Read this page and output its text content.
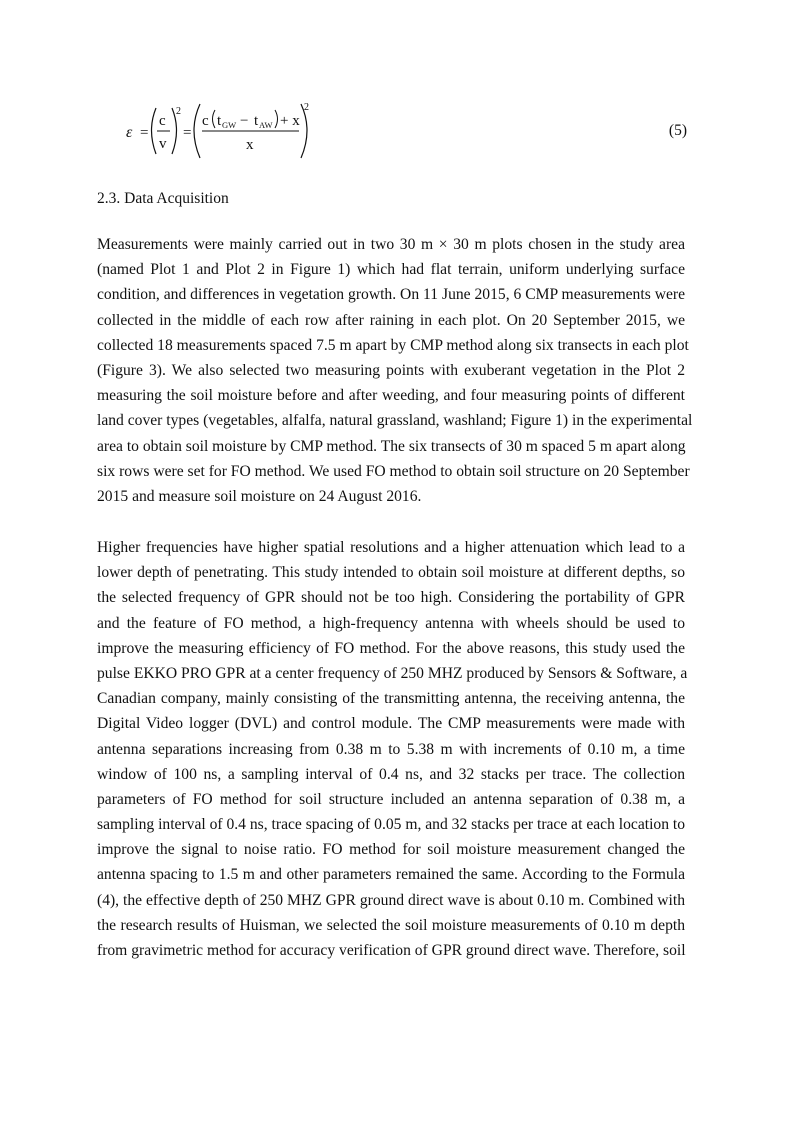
ε =
c
v
2
=
c t GW − t AW + x
x
2
(5)
2.3. Data Acquisition
Measurements were mainly carried out in two 30 m × 30 m plots chosen in the study area
(named Plot 1 and Plot 2 in Figure 1) which had flat terrain, uniform underlying surface
condition, and differences in vegetation growth. On 11 June 2015, 6 CMP measurements were
collected in the middle of each row after raining in each plot. On 20 September 2015, we
collected 18 measurements spaced 7.5 m apart by CMP method along six transects in each plot
(Figure 3). We also selected two measuring points with exuberant vegetation in the Plot 2
measuring the soil moisture before and after weeding, and four measuring points of different
land cover types (vegetables, alfalfa, natural grassland, washland; Figure 1) in the experimental
area to obtain soil moisture by CMP method. The six transects of 30 m spaced 5 m apart along
six rows were set for FO method. We used FO method to obtain soil structure on 20 September
2015 and measure soil moisture on 24 August 2016.
Higher frequencies have higher spatial resolutions and a higher attenuation which lead to a
lower depth of penetrating. This study intended to obtain soil moisture at different depths, so
the selected frequency of GPR should not be too high. Considering the portability of GPR
and the feature of FO method, a high-frequency antenna with wheels should be used to
improve the measuring efficiency of FO method. For the above reasons, this study used the
pulse EKKO PRO GPR at a center frequency of 250 MHZ produced by Sensors & Software, a
Canadian company, mainly consisting of the transmitting antenna, the receiving antenna, the
Digital Video logger (DVL) and control module. The CMP measurements were made with
antenna separations increasing from 0.38 m to 5.38 m with increments of 0.10 m, a time
window of 100 ns, a sampling interval of 0.4 ns, and 32 stacks per trace. The collection
parameters of FO method for soil structure included an antenna separation of 0.38 m, a
sampling interval of 0.4 ns, trace spacing of 0.05 m, and 32 stacks per trace at each location to
improve the signal to noise ratio. FO method for soil moisture measurement changed the
antenna spacing to 1.5 m and other parameters remained the same. According to the Formula
(4), the effective depth of 250 MHZ GPR ground direct wave is about 0.10 m. Combined with
the research results of Huisman, we selected the soil moisture measurements of 0.10 m depth
from gravimetric method for accuracy verification of GPR ground direct wave. Therefore, soil
